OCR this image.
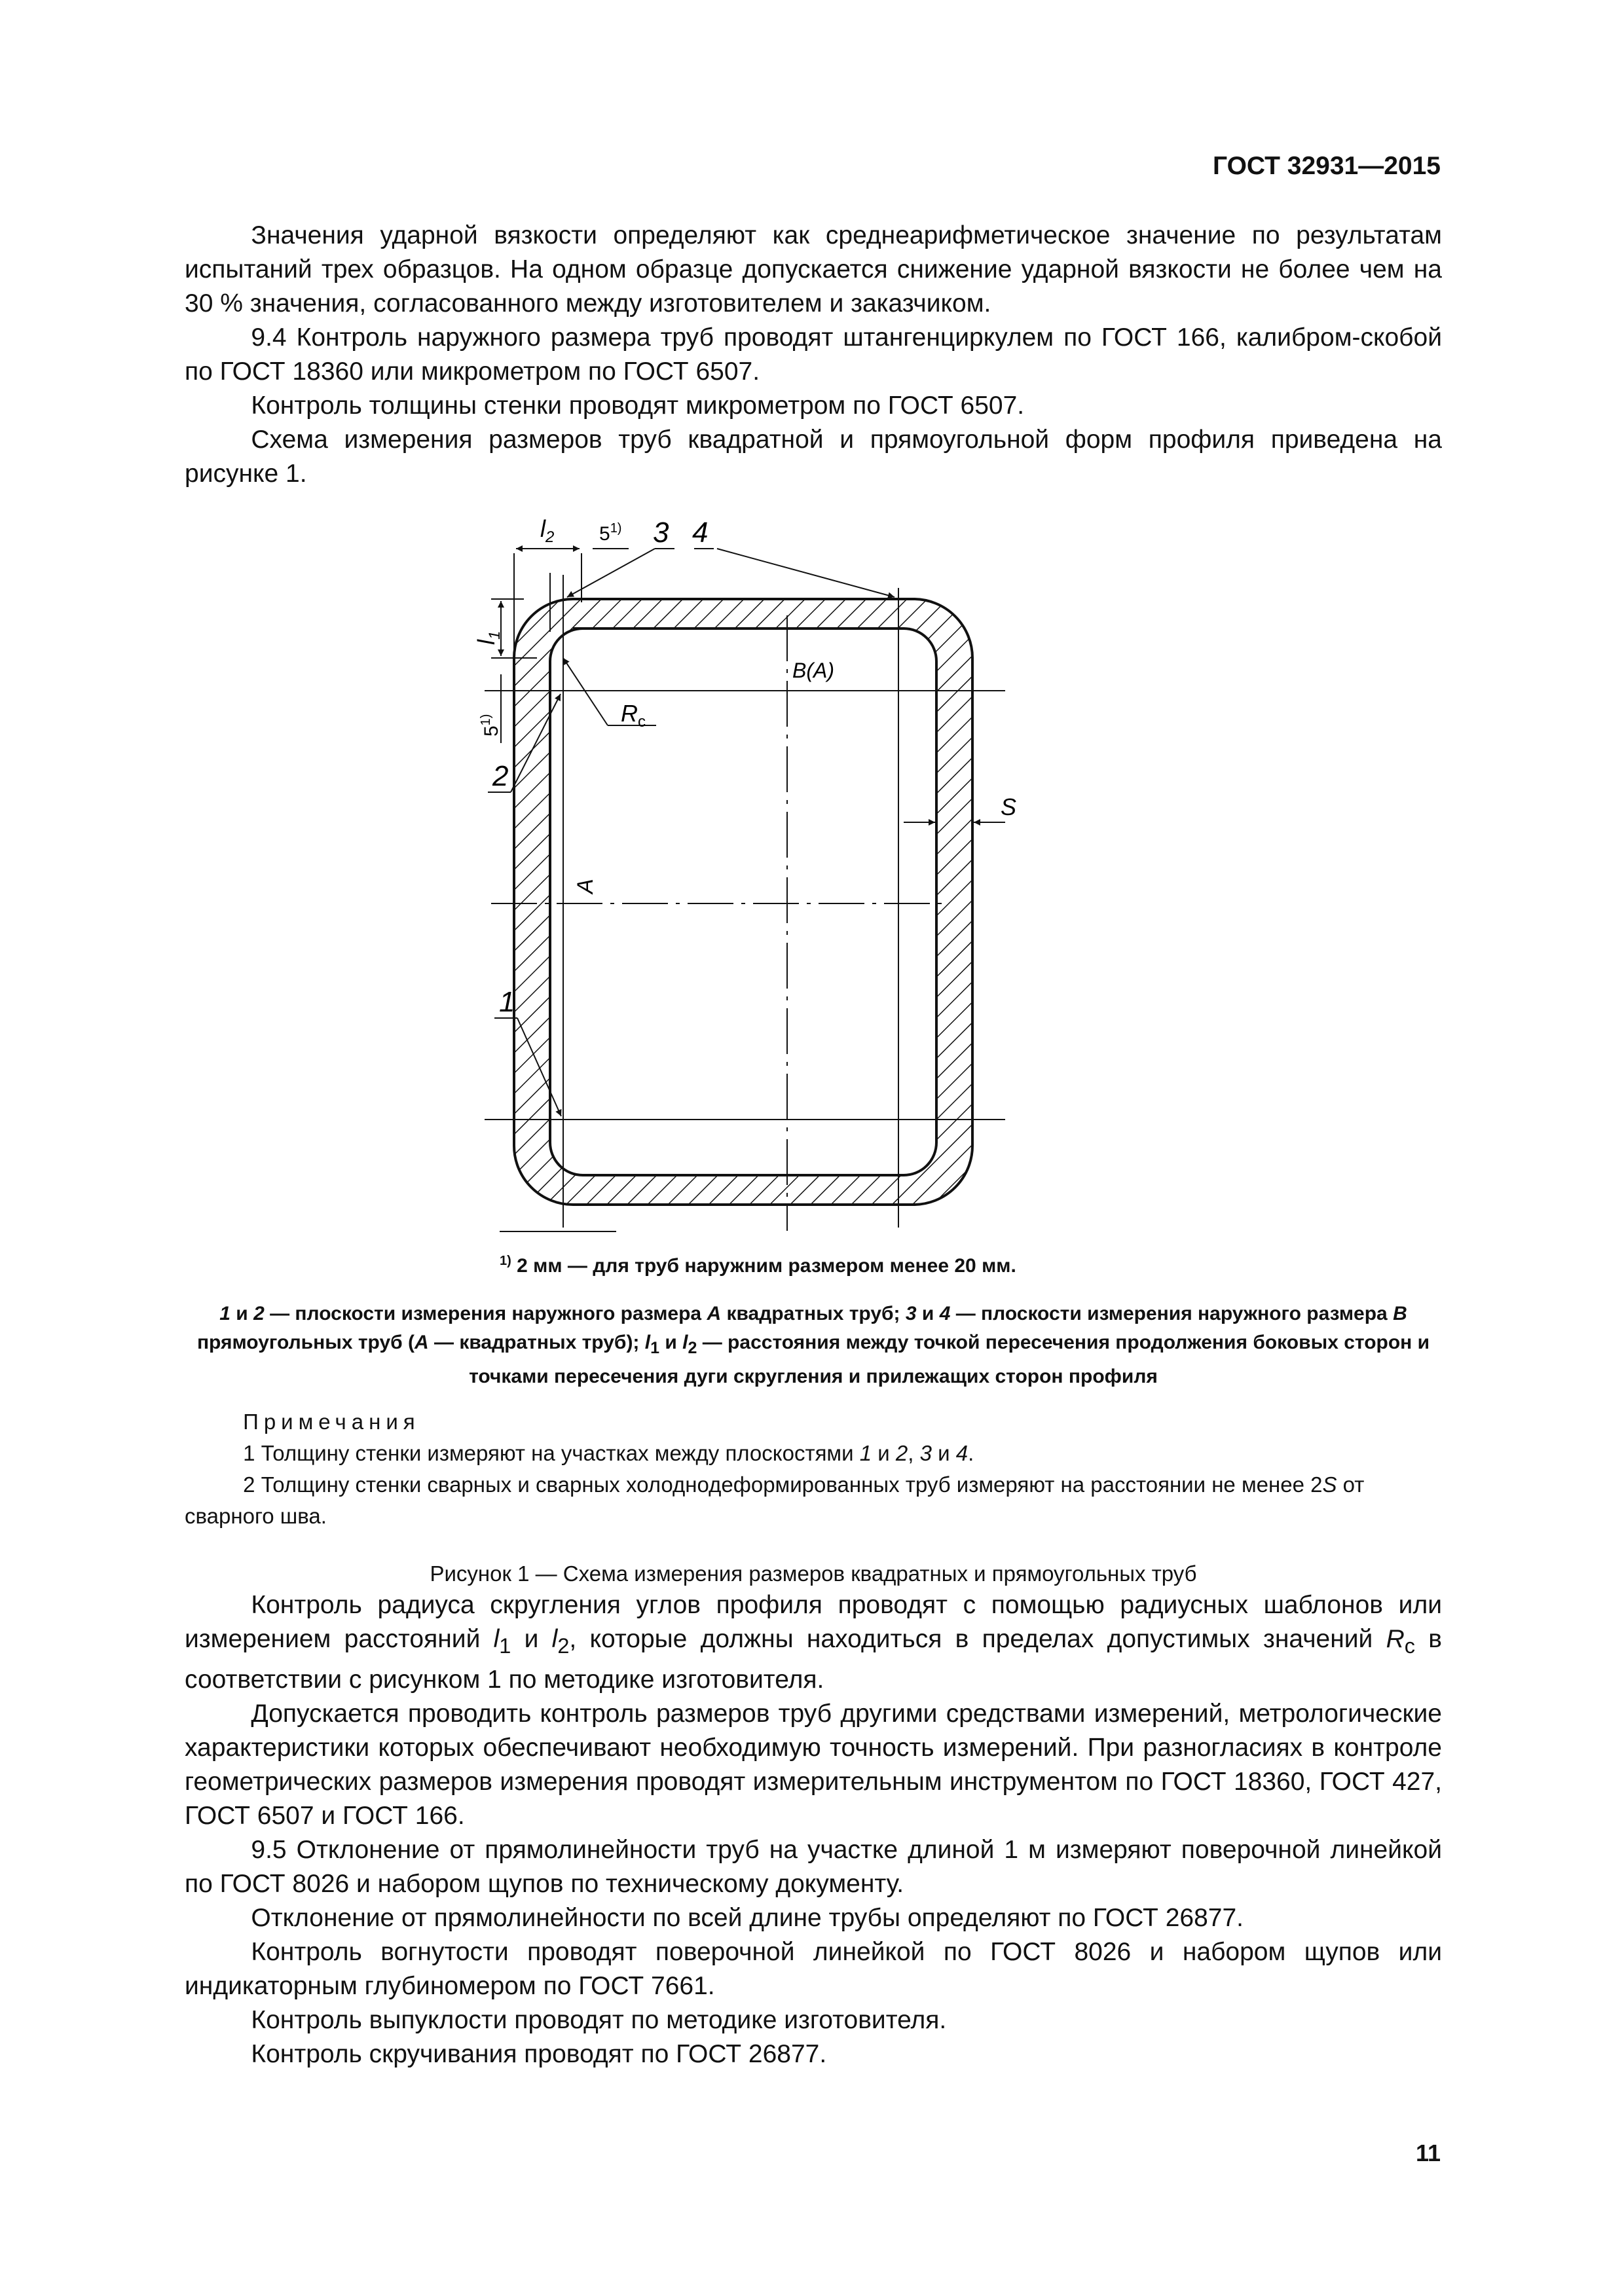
ГОСТ 32931—2015

Значения ударной вязкости определяют как среднеарифметическое значение по результатам испытаний трех образцов. На одном образце допускается снижение ударной вязкости не более чем на 30 % значения, согласованного между изготовителем и заказчиком.

9.4 Контроль наружного размера труб проводят штангенциркулем по ГОСТ 166, калибром-скобой по ГОСТ 18360 или микрометром по ГОСТ 6507.

Контроль толщины стенки проводят микрометром по ГОСТ 6507.

Схема измерения размеров труб квадратной и прямоугольной форм профиля приведена на рисунке 1.

$l_2$ 5$^{1)}$ 3 4
$l_1$
5$^{1)}$
2
B(A)
$R_c$
S
A
1
$^{1)}$ 2 мм — для труб наружним размером менее 20 мм.
1 и 2 — плоскости измерения наружного размера A квадратных труб; 3 и 4 — плоскости измерения наружного размера B прямоугольных труб (A — квадратных труб); $l_1$ и $l_2$ — расстояния между точкой пересечения продолжения боковых сторон и точками пересечения дуги скругления и прилежащих сторон профиля

Примечания

1 Толщину стенки измеряют на участках между плоскостями 1 и 2, 3 и 4.

2 Толщину стенки сварных и сварных холоднодеформированных труб измеряют на расстоянии не менее 2S от сварного шва.

Рисунок 1 — Схема измерения размеров квадратных и прямоугольных труб

Контроль радиуса скругления углов профиля проводят с помощью радиусных шаблонов или измерением расстояний $l_1$ и $l_2$, которые должны находиться в пределах допустимых значений $R_c$ в соответствии с рисунком 1 по методике изготовителя.

Допускается проводить контроль размеров труб другими средствами измерений, метрологические характеристики которых обеспечивают необходимую точность измерений. При разногласиях в контроле геометрических размеров измерения проводят измерительным инструментом по ГОСТ 18360, ГОСТ 427, ГОСТ 6507 и ГОСТ 166.

9.5 Отклонение от прямолинейности труб на участке длиной 1 м измеряют поверочной линейкой по ГОСТ 8026 и набором щупов по техническому документу.

Отклонение от прямолинейности по всей длине трубы определяют по ГОСТ 26877.

Контроль вогнутости проводят поверочной линейкой по ГОСТ 8026 и набором щупов или индикаторным глубиномером по ГОСТ 7661.

Контроль выпуклости проводят по методике изготовителя.

Контроль скручивания проводят по ГОСТ 26877.

11
